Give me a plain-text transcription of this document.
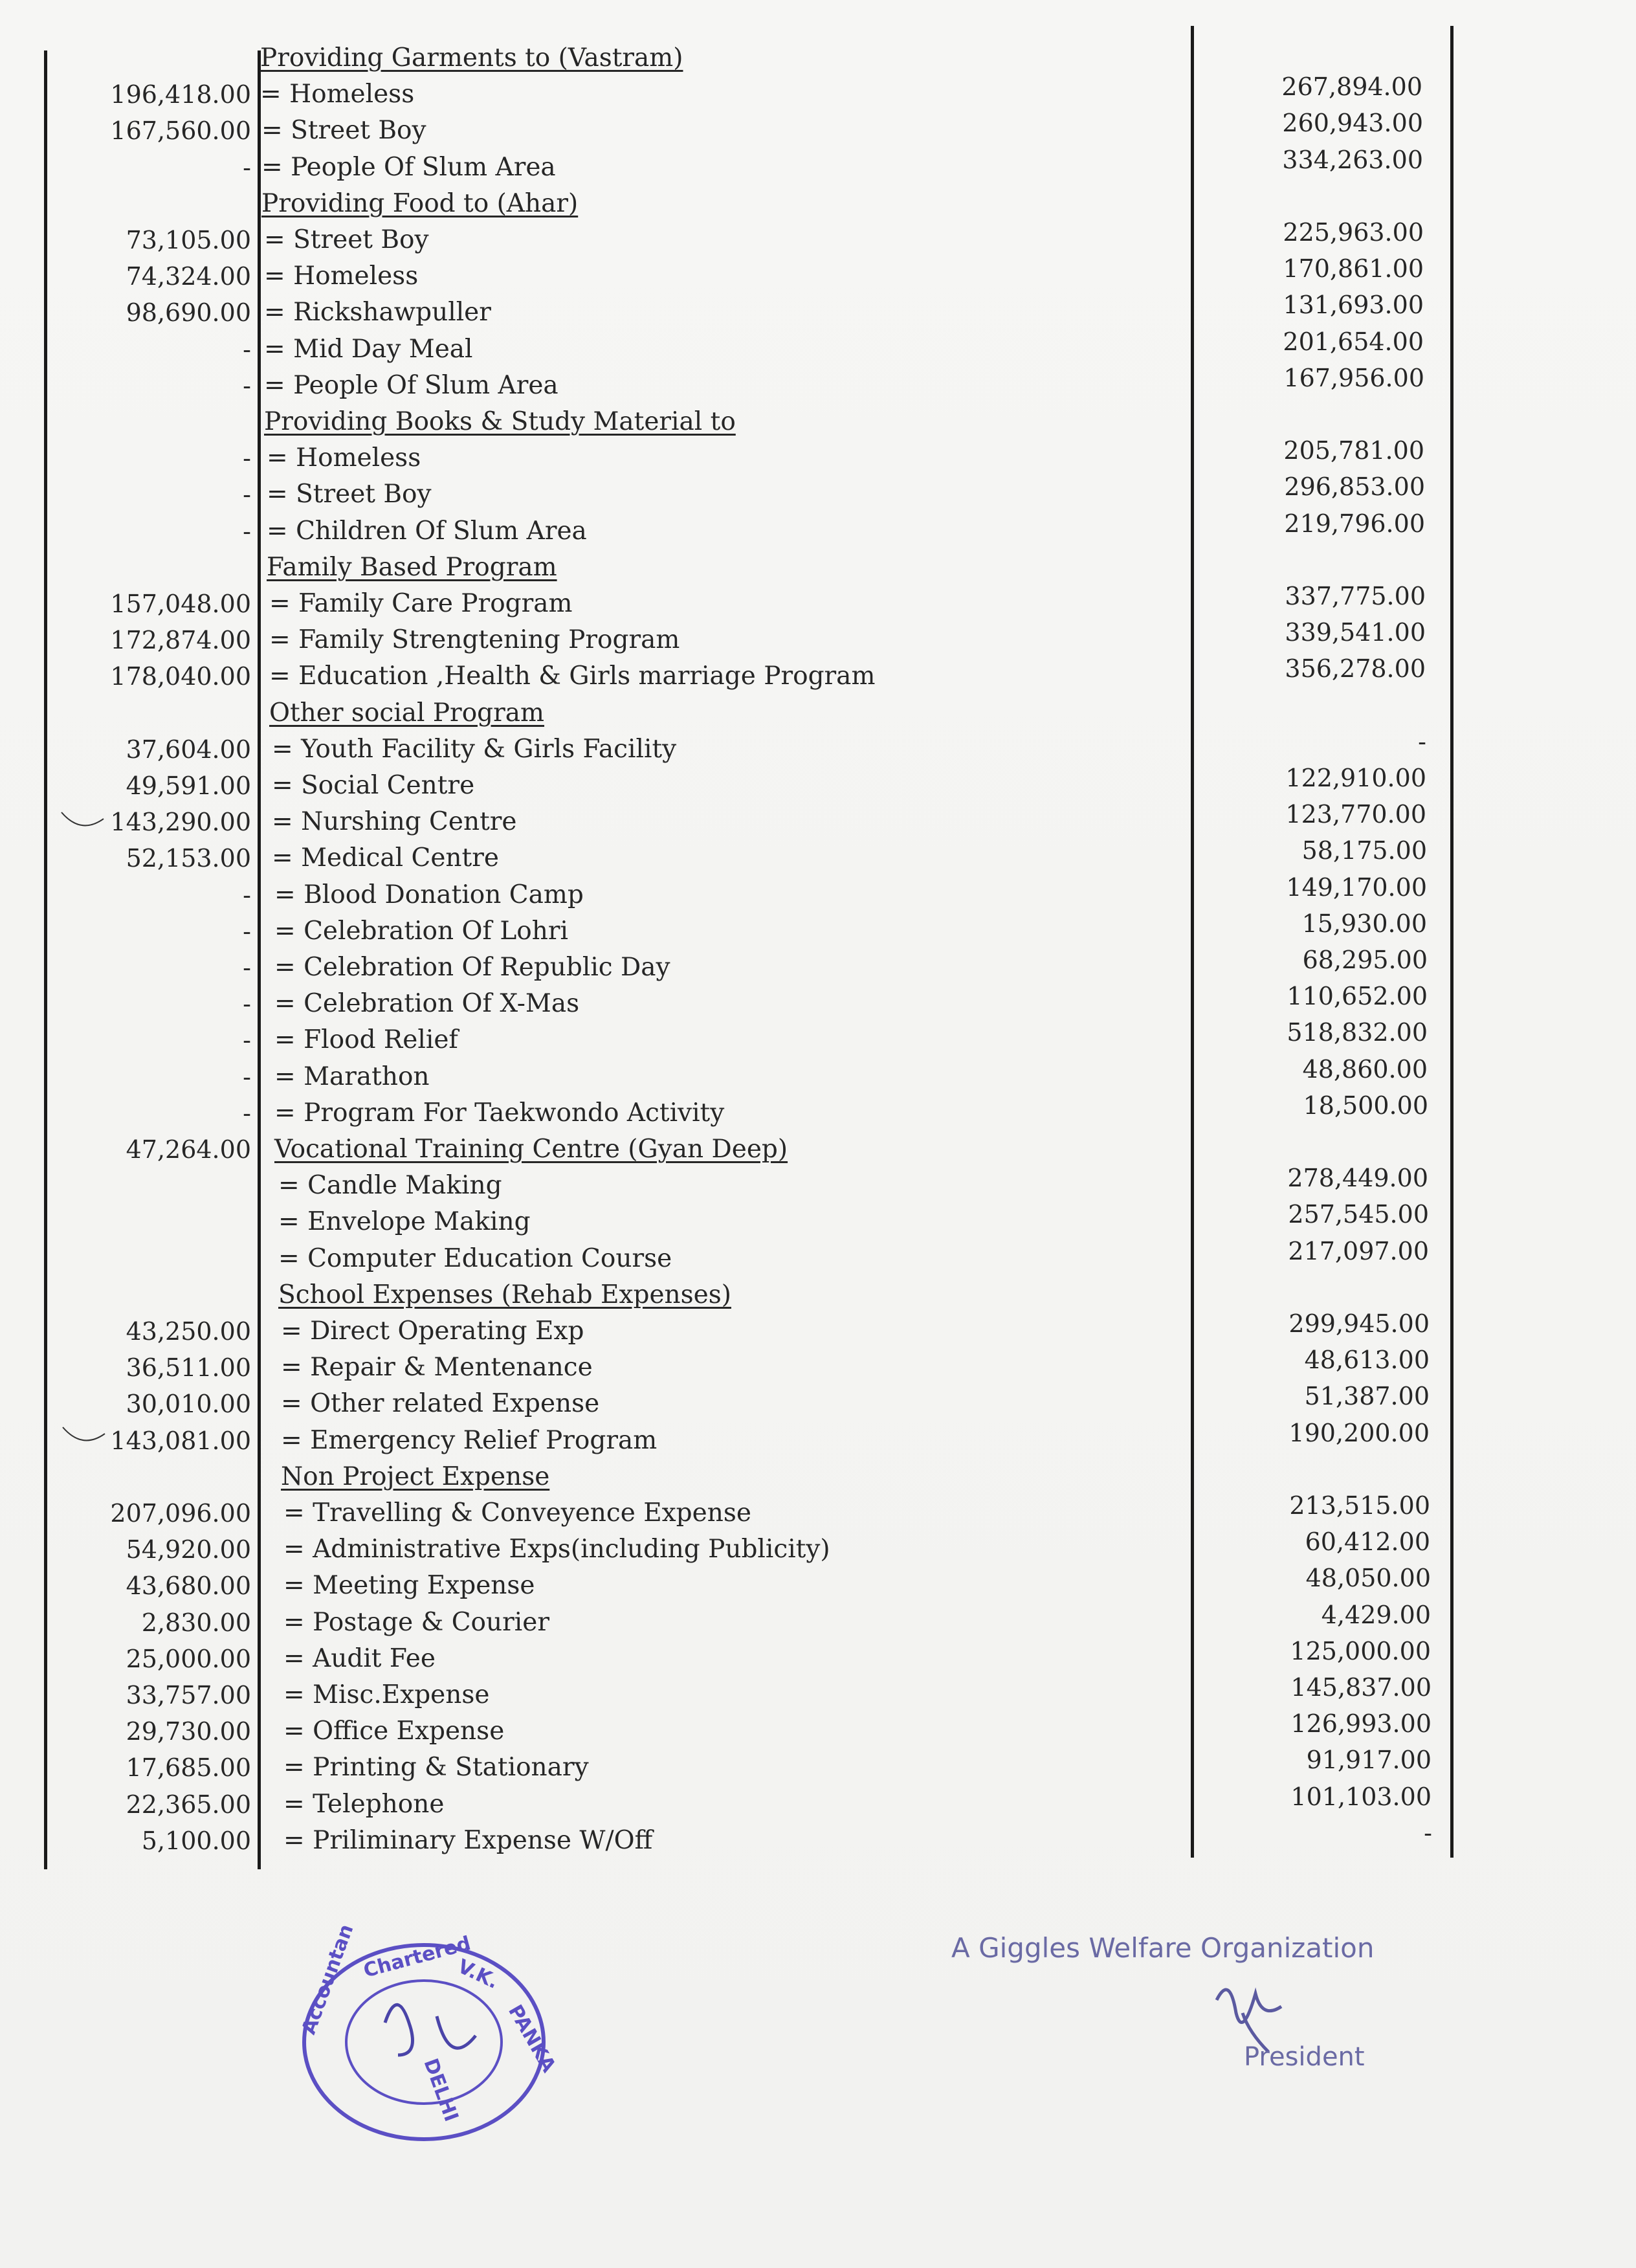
Providing Garments to (Vastram)
196,418.00 = Homeless	267,894.00
167,560.00 = Street Boy	260,943.00
- = People Of Slum Area	334,263.00
Providing Food to (Ahar)
73,105.00 = Street Boy	225,963.00
74,324.00 = Homeless	170,861.00
98,690.00 = Rickshawpuller	131,693.00
- = Mid Day Meal	201,654.00
- = People Of Slum Area	167,956.00
Providing Books & Study Material to
- = Homeless	205,781.00
- = Street Boy	296,853.00
- = Children Of Slum Area	219,796.00
Family Based Program
157,048.00 = Family Care Program	337,775.00
172,874.00 = Family Strengtening Program	339,541.00
178,040.00 = Education ,Health & Girls marriage Program	356,278.00
Other social Program
37,604.00 = Youth Facility & Girls Facility	-
49,591.00 = Social Centre	122,910.00
143,290.00 = Nurshing Centre	123,770.00
52,153.00 = Medical Centre	58,175.00
- = Blood Donation Camp	149,170.00
- = Celebration Of Lohri	15,930.00
- = Celebration Of Republic Day	68,295.00
- = Celebration Of X-Mas	110,652.00
- = Flood Relief	518,832.00
- = Marathon	48,860.00
- = Program For Taekwondo Activity	18,500.00
47,264.00 Vocational Training Centre (Gyan Deep)
= Candle Making	278,449.00
= Envelope Making	257,545.00
= Computer Education Course	217,097.00
School Expenses (Rehab Expenses)
43,250.00 = Direct Operating Exp	299,945.00
36,511.00 = Repair & Mentenance	48,613.00
30,010.00 = Other related Expense	51,387.00
143,081.00 = Emergency Relief Program	190,200.00
Non Project Expense
207,096.00 = Travelling & Conveyence Expense	213,515.00
54,920.00 = Administrative Exps(including Publicity)	60,412.00
43,680.00 = Meeting Expense	48,050.00
2,830.00 = Postage & Courier	4,429.00
25,000.00 = Audit Fee	125,000.00
33,757.00 = Misc.Expense	145,837.00
29,730.00 = Office Expense	126,993.00
17,685.00 = Printing & Stationary	91,917.00
22,365.00 = Telephone	101,103.00
5,100.00 = Priliminary Expense W/Off	-
Chartered
V.K.
PANKA
Accountan
DELHI
A Giggles Welfare Organization
President
